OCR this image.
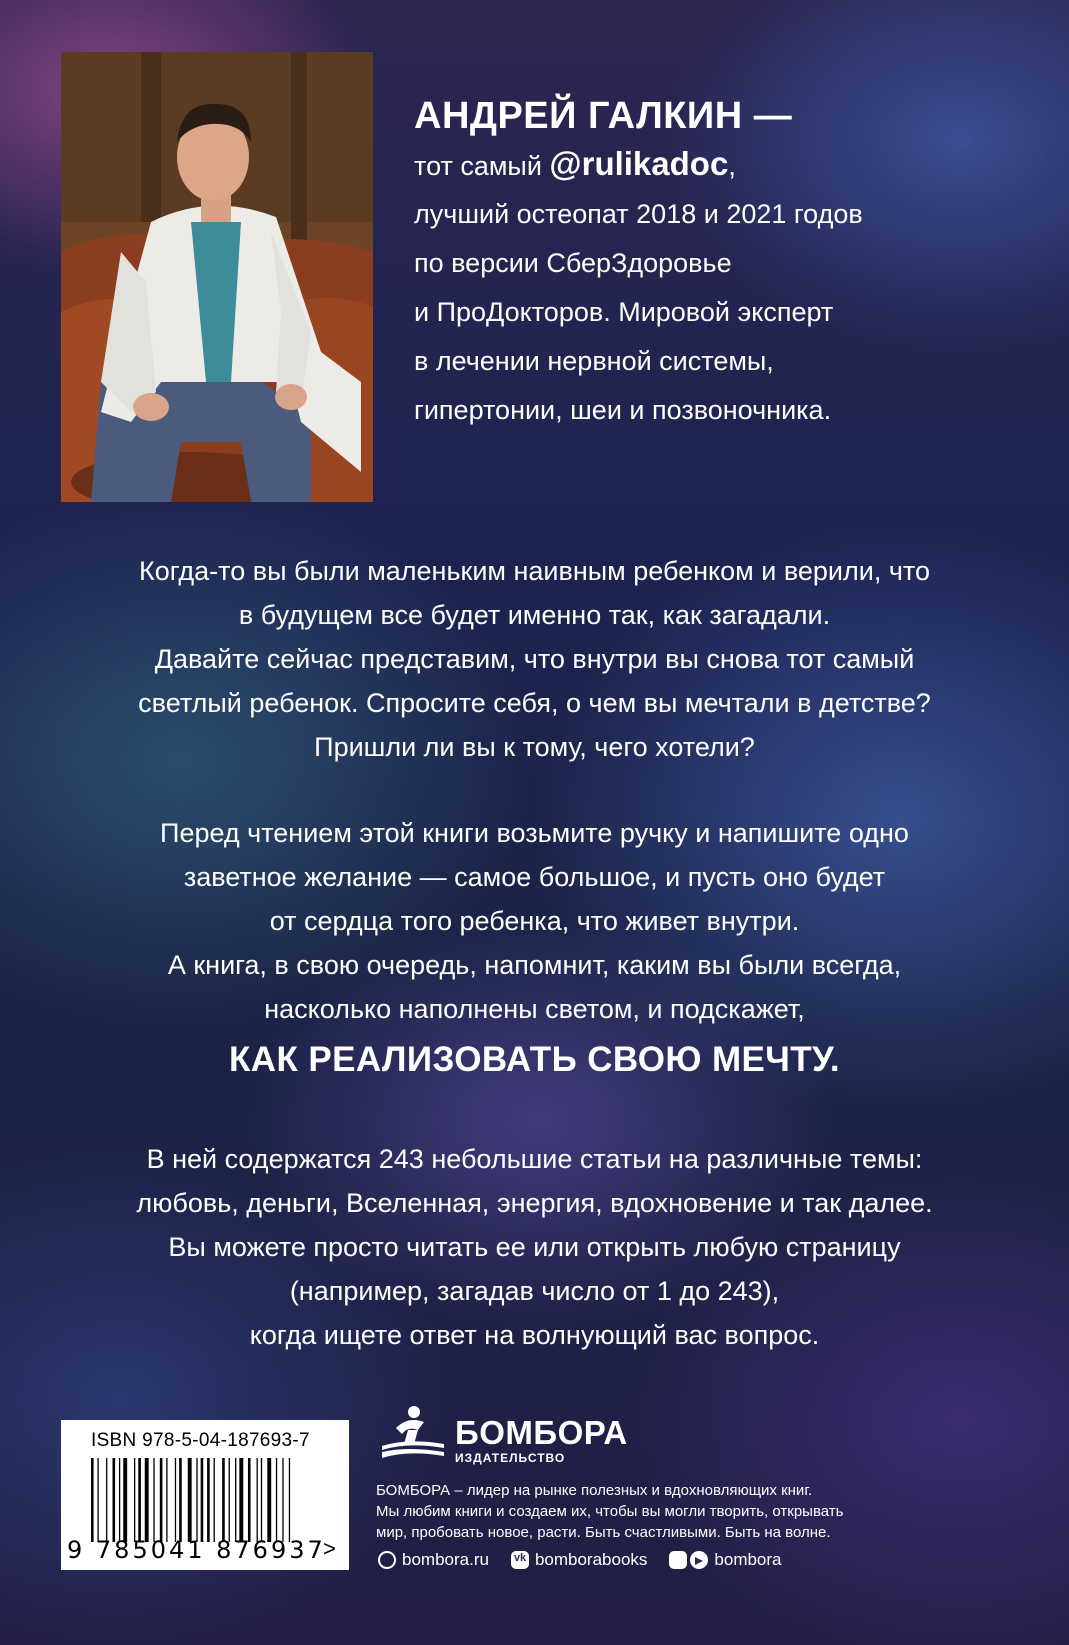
АНДРЕЙ ГАЛКИН —
тот самый @rulikadoc,
лучший остеопат 2018 и 2021 годов
по версии СберЗдоровье
и ПроДокторов. Мировой эксперт
в лечении нервной системы,
гипертонии, шеи и позвоночника.
Когда-то вы были маленьким наивным ребенком и верили, что
в будущем все будет именно так, как загадали.
Давайте сейчас представим, что внутри вы снова тот самый
светлый ребенок. Спросите себя, о чем вы мечтали в детстве?
Пришли ли вы к тому, чего хотели?
Перед чтением этой книги возьмите ручку и напишите одно
заветное желание — самое большое, и пусть оно будет
от сердца того ребенка, что живет внутри.
А книга, в свою очередь, напомнит, каким вы были всегда,
насколько наполнены светом, и подскажет,
КАК РЕАЛИЗОВАТЬ СВОЮ МЕЧТУ.
В ней содержатся 243 небольшие статьи на различные темы:
любовь, деньги, Вселенная, энергия, вдохновение и так далее.
Вы можете просто читать ее или открыть любую страницу
(например, загадав число от 1 до 243),
когда ищете ответ на волнующий вас вопрос.
ISBN 978-5-04-187693-7
9 785041 876937
>
БОМБОРА
ИЗДАТЕЛЬСТВО
БОМБОРА – лидер на рынке полезных и вдохновляющих книг.
Мы любим книги и создаем их, чтобы вы могли творить, открывать
мир, пробовать новое, расти. Быть счастливыми. Быть на волне.
bombora.ru
vk	bomborabooks	bombora
